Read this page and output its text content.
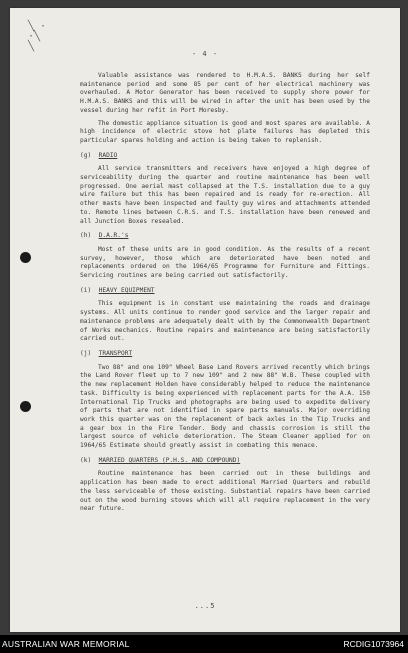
╲ ·
·╲
╲
- 4 -

Valuable assistance was rendered to H.M.A.S. BANKS during her self maintenance period and some 85 per cent of her electrical machinery was overhauled. A Motor Generator has been received to supply shore power for H.M.A.S. BANKS and this will be wired in after the unit has been used by the vessel during her refit in Port Moresby.

The domestic appliance situation is good and most spares are available. A high incidence of electric stove hot plate failures has depleted this particular spares holding and action is being taken to replenish.

(g) RADIO

All service transmitters and receivers have enjoyed a high degree of serviceability during the quarter and routine maintenance has been well progressed. One aerial mast collapsed at the T.S. installation due to a guy wire failure but this has been repaired and is ready for re-erection. All other masts have been inspected and faulty guy wires and attachments attended to. Remote lines between C.R.S. and T.S. installation have been renewed and all Junction Boxes resealed.

(h) D.A.R.'s

Most of these units are in good condition. As the results of a recent survey, however, those which are deteriorated have been noted and replacements ordered on the 1964/65 Programme for Furniture and Fittings. Servicing routines are being carried out satisfactorily.

(i) HEAVY EQUIPMENT

This equipment is in constant use maintaining the roads and drainage systems. All units continue to render good service and the larger repair and maintenance problems are adequately dealt with by the Commonwealth Department of Works mechanics. Routine repairs and maintenance are being satisfactorily carried out.

(j) TRANSPORT

Two 88" and one 109" Wheel Base Land Rovers arrived recently which brings the Land Rover fleet up to 7 new 109" and 2 new 88" W.B. These coupled with the new replacement Holden have considerably helped to reduce the maintenance task. Difficulty is being experienced with replacement parts for the A.A. 150 International Tip Trucks and photographs are being used to expedite delivery of parts that are not identified in spare parts manuals. Major overriding work this quarter was on the replacement of back axles in the Tip Trucks and a gear box in the Fire Tender. Body and chassis corrosion is still the largest source of vehicle deterioration. The Steam Cleaner applied for on 1964/65 Estimate should greatly assist in combating this menace.

(k) MARRIED QUARTERS (P.H.S. AND COMPOUND)

Routine maintenance has been carried out in these buildings and application has been made to erect additional Married Quarters and rebuild the less serviceable of those existing. Substantial repairs have been carried out on the wood burning stoves which will all require replacement in the very near future.

...5
AUSTRALIAN WAR MEMORIAL	RCDIG1073964
